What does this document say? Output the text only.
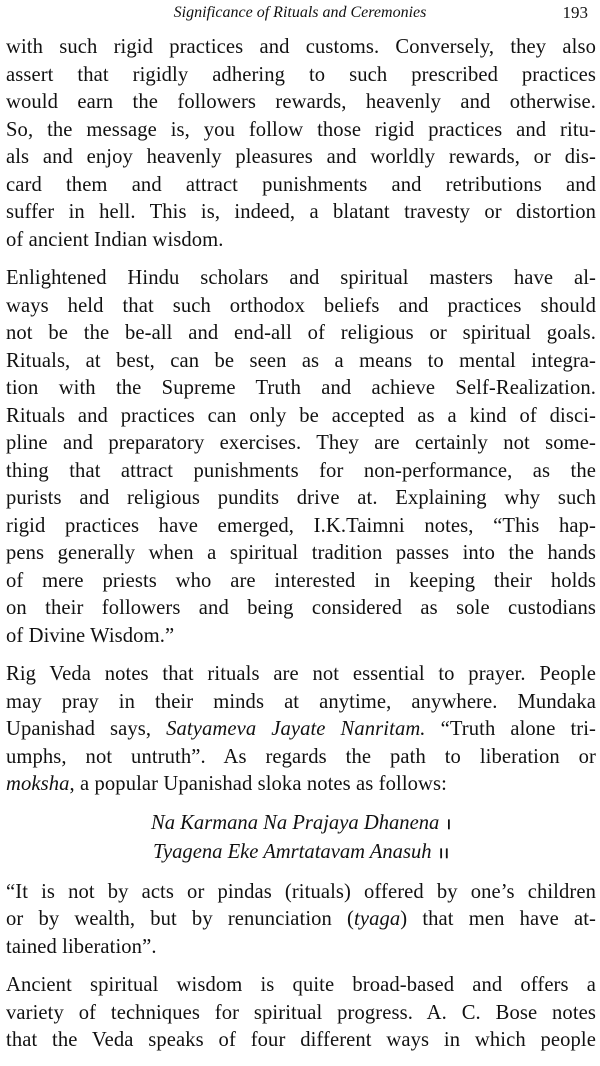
Significance of Rituals and Ceremonies	193

with such rigid practices and customs. Conversely, they also
assert that rigidly adhering to such prescribed practices
would earn the followers rewards, heavenly and otherwise.
So, the message is, you follow those rigid practices and ritu-
als and enjoy heavenly pleasures and worldly rewards, or dis-
card them and attract punishments and retributions and
suffer in hell. This is, indeed, a blatant travesty or distortion
of ancient Indian wisdom.

Enlightened Hindu scholars and spiritual masters have al-
ways held that such orthodox beliefs and practices should
not be the be-all and end-all of religious or spiritual goals.
Rituals, at best, can be seen as a means to mental integra-
tion with the Supreme Truth and achieve Self-Realization.
Rituals and practices can only be accepted as a kind of disci-
pline and preparatory exercises. They are certainly not some-
thing that attract punishments for non-performance, as the
purists and religious pundits drive at. Explaining why such
rigid practices have emerged, I.K.Taimni notes, “This hap-
pens generally when a spiritual tradition passes into the hands
of mere priests who are interested in keeping their holds
on their followers and being considered as sole custodians
of Divine Wisdom.”

Rig Veda notes that rituals are not essential to prayer. People
may pray in their minds at anytime, anywhere. Mundaka
Upanishad says, Satyameva Jayate Nanritam. “Truth alone tri-
umphs, not untruth”. As regards the path to liberation or
moksha, a popular Upanishad sloka notes as follows:

Na Karmana Na Prajaya Dhanena ।
Tyagena Eke Amrtatavam Anasuh ।।

“It is not by acts or pindas (rituals) offered by one’s children
or by wealth, but by renunciation (tyaga) that men have at-
tained liberation”.

Ancient spiritual wisdom is quite broad-based and offers a
variety of techniques for spiritual progress. A. C. Bose notes
that the Veda speaks of four different ways in which people
